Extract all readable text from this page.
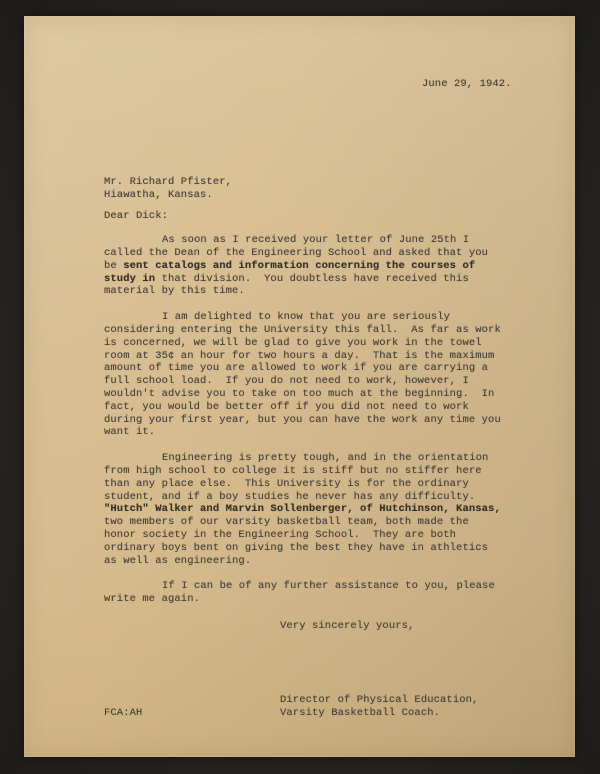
June 29, 1942.
Mr. Richard Pfister,
Hiawatha, Kansas.
Dear Dick:

As soon as I received your letter of June 25th I called the Dean of the Engineering School and asked that you be sent catalogs and information concerning the courses of study in that division.  You doubtless have received this material by this time.

I am delighted to know that you are seriously considering entering the University this fall.  As far as work is concerned, we will be glad to give you work in the towel room at 35¢ an hour for two hours a day.  That is the maximum amount of time you are allowed to work if you are carrying a full school load.  If you do not need to work, however, I wouldn't advise you to take on too much at the beginning.  In fact, you would be better off if you did not need to work during your first year, but you can have the work any time you want it.

Engineering is pretty tough, and in the orientation from high school to college it is stiff but no stiffer here than any place else.  This University is for the ordinary student, and if a boy studies he never has any difficulty.  "Hutch" Walker and Marvin Sollenberger, of Hutchinson, Kansas, two members of our varsity basketball team, both made the honor society in the Engineering School.  They are both ordinary boys bent on giving the best they have in athletics as well as engineering.

If I can be of any further assistance to you, please write me again.

Very sincerely yours,
FCA:AH
Director of Physical Education,
Varsity Basketball Coach.
